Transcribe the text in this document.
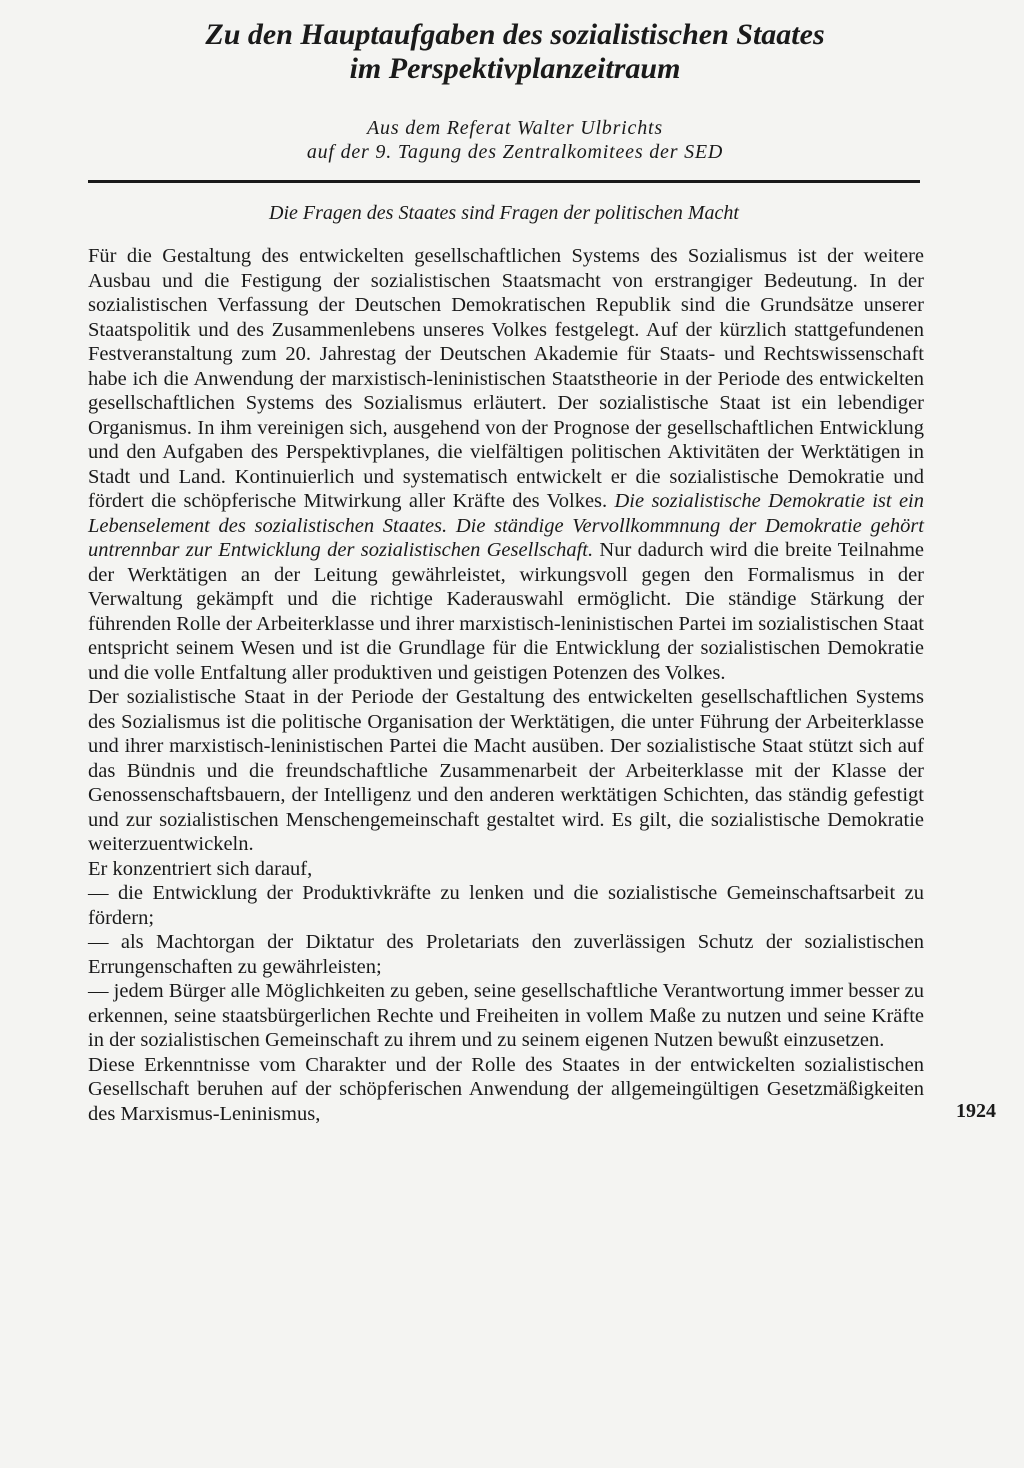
Zu den Hauptaufgaben des sozialistischen Staates
im Perspektivplanzeitraum
Aus dem Referat Walter Ulbrichts
auf der 9. Tagung des Zentralkomitees der SED
Die Fragen des Staates sind Fragen der politischen Macht

Für die Gestaltung des entwickelten gesellschaftlichen Systems des Sozialismus ist der weitere Ausbau und die Festigung der sozialistischen Staatsmacht von erstrangiger Bedeutung. In der sozialistischen Verfassung der Deutschen Demokratischen Republik sind die Grundsätze unserer Staatspolitik und des Zusammenlebens unseres Volkes festgelegt. Auf der kürzlich stattgefundenen Festveranstaltung zum 20. Jahrestag der Deutschen Akademie für Staats- und Rechtswissenschaft habe ich die Anwendung der marxistisch-leninistischen Staatstheorie in der Periode des entwickelten gesellschaftlichen Systems des Sozialismus erläutert. Der sozialistische Staat ist ein lebendiger Organismus. In ihm vereinigen sich, ausgehend von der Prognose der gesellschaftlichen Entwicklung und den Aufgaben des Perspektivplanes, die vielfältigen politischen Aktivitäten der Werktätigen in Stadt und Land. Kontinuierlich und systematisch entwickelt er die sozialistische Demokratie und fördert die schöpferische Mitwirkung aller Kräfte des Volkes. Die sozialistische Demokratie ist ein Lebenselement des sozialistischen Staates. Die ständige Vervollkommnung der Demokratie gehört untrennbar zur Entwicklung der sozialistischen Gesellschaft. Nur dadurch wird die breite Teilnahme der Werktätigen an der Leitung gewährleistet, wirkungsvoll gegen den Formalismus in der Verwaltung gekämpft und die richtige Kaderauswahl ermöglicht. Die ständige Stärkung der führenden Rolle der Arbeiterklasse und ihrer marxistisch-leninistischen Partei im sozialistischen Staat entspricht seinem Wesen und ist die Grundlage für die Entwicklung der sozialistischen Demokratie und die volle Entfaltung aller produktiven und geistigen Potenzen des Volkes.

Der sozialistische Staat in der Periode der Gestaltung des entwickelten gesellschaftlichen Systems des Sozialismus ist die politische Organisation der Werktätigen, die unter Führung der Arbeiterklasse und ihrer marxistisch-leninistischen Partei die Macht ausüben. Der sozialistische Staat stützt sich auf das Bündnis und die freundschaftliche Zusammenarbeit der Arbeiterklasse mit der Klasse der Genossenschaftsbauern, der Intelligenz und den anderen werktätigen Schichten, das ständig gefestigt und zur sozialistischen Menschengemeinschaft gestaltet wird. Es gilt, die sozialistische Demokratie weiterzuentwickeln.

Er konzentriert sich darauf,

— die Entwicklung der Produktivkräfte zu lenken und die sozialistische Gemeinschaftsarbeit zu fördern;

— als Machtorgan der Diktatur des Proletariats den zuverlässigen Schutz der sozialistischen Errungenschaften zu gewährleisten;

— jedem Bürger alle Möglichkeiten zu geben, seine gesellschaftliche Verantwortung immer besser zu erkennen, seine staatsbürgerlichen Rechte und Freiheiten in vollem Maße zu nutzen und seine Kräfte in der sozialistischen Gemeinschaft zu ihrem und zu seinem eigenen Nutzen bewußt einzusetzen.

Diese Erkenntnisse vom Charakter und der Rolle des Staates in der entwickelten sozialistischen Gesellschaft beruhen auf der schöpferischen Anwendung der allgemeingültigen Gesetzmäßigkeiten des Marxismus-Leninismus,	1924
